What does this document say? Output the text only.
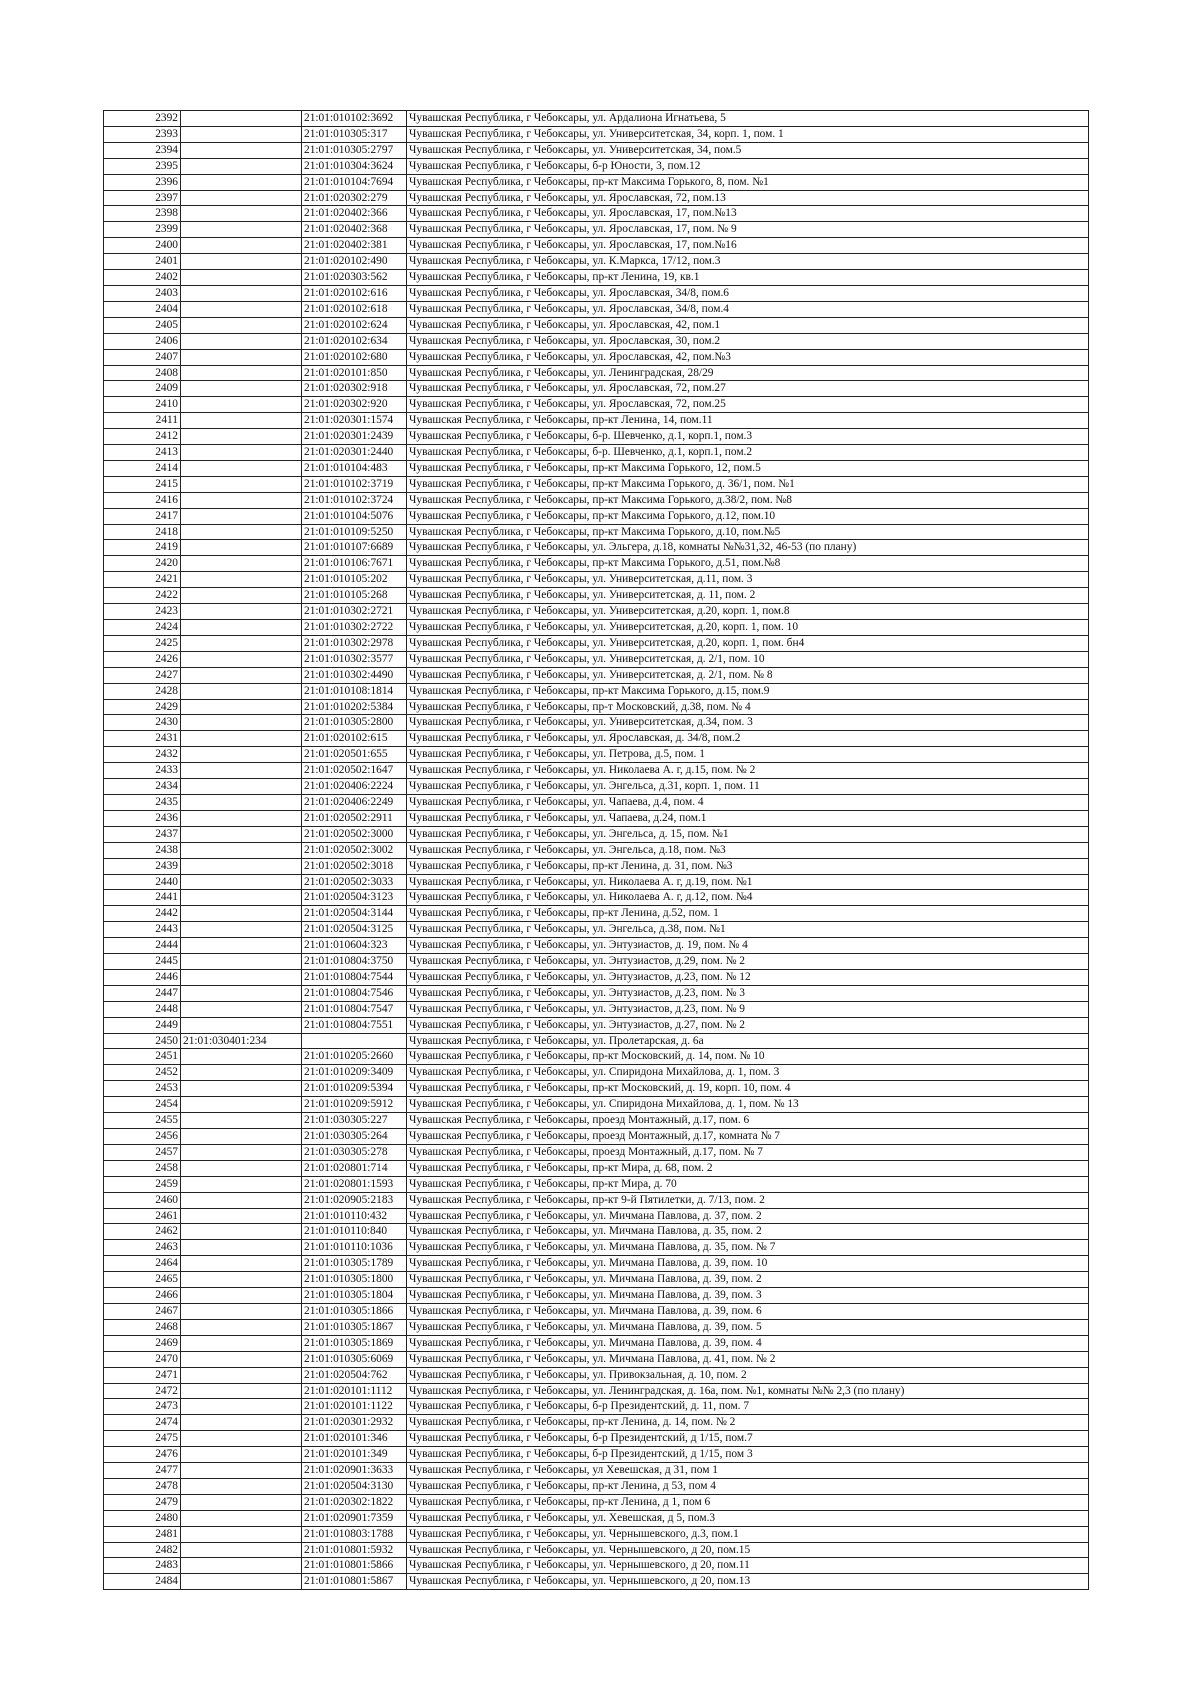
2392		21:01:010102:3692	Чувашская Республика, г Чебоксары, ул. Ардалиона Игнатьева, 5
2393		21:01:010305:317	Чувашская Республика, г Чебоксары, ул. Университетская, 34, корп. 1, пом. 1
2394		21:01:010305:2797	Чувашская Республика, г Чебоксары, ул. Университетская, 34, пом.5
2395		21:01:010304:3624	Чувашская Республика, г Чебоксары, б-р Юности, 3, пом.12
2396		21:01:010104:7694	Чувашская Республика, г Чебоксары, пр-кт Максима Горького, 8, пом. №1
2397		21:01:020302:279	Чувашская Республика, г Чебоксары, ул. Ярославская, 72, пом.13
2398		21:01:020402:366	Чувашская Республика, г Чебоксары, ул. Ярославская, 17, пом.№13
2399		21:01:020402:368	Чувашская Республика, г Чебоксары, ул. Ярославская, 17, пом. № 9
2400		21:01:020402:381	Чувашская Республика, г Чебоксары, ул. Ярославская, 17, пом.№16
2401		21:01:020102:490	Чувашская Республика, г Чебоксары, ул. К.Маркса, 17/12, пом.3
2402		21:01:020303:562	Чувашская Республика, г Чебоксары, пр-кт Ленина, 19, кв.1
2403		21:01:020102:616	Чувашская Республика, г Чебоксары, ул. Ярославская, 34/8, пом.6
2404		21:01:020102:618	Чувашская Республика, г Чебоксары, ул. Ярославская, 34/8, пом.4
2405		21:01:020102:624	Чувашская Республика, г Чебоксары, ул. Ярославская, 42, пом.1
2406		21:01:020102:634	Чувашская Республика, г Чебоксары, ул. Ярославская, 30, пом.2
2407		21:01:020102:680	Чувашская Республика, г Чебоксары, ул. Ярославская, 42, пом.№3
2408		21:01:020101:850	Чувашская Республика, г Чебоксары, ул. Ленинградская, 28/29
2409		21:01:020302:918	Чувашская Республика, г Чебоксары, ул. Ярославская, 72, пом.27
2410		21:01:020302:920	Чувашская Республика, г Чебоксары, ул. Ярославская, 72, пом.25
2411		21:01:020301:1574	Чувашская Республика, г Чебоксары, пр-кт Ленина, 14, пом.11
2412		21:01:020301:2439	Чувашская Республика, г Чебоксары, б-р. Шевченко, д.1, корп.1, пом.3
2413		21:01:020301:2440	Чувашская Республика, г Чебоксары, б-р. Шевченко, д.1, корп.1, пом.2
2414		21:01:010104:483	Чувашская Республика, г Чебоксары, пр-кт Максима Горького, 12, пом.5
2415		21:01:010102:3719	Чувашская Республика, г Чебоксары, пр-кт Максима Горького, д. 36/1, пом. №1
2416		21:01:010102:3724	Чувашская Республика, г Чебоксары, пр-кт Максима Горького, д.38/2, пом. №8
2417		21:01:010104:5076	Чувашская Республика, г Чебоксары, пр-кт Максима Горького, д.12, пом.10
2418		21:01:010109:5250	Чувашская Республика, г Чебоксары, пр-кт Максима Горького, д.10, пом.№5
2419		21:01:010107:6689	Чувашская Республика, г Чебоксары, ул. Эльгера, д.18, комнаты №№31,32, 46-53 (по плану)
2420		21:01:010106:7671	Чувашская Республика, г Чебоксары, пр-кт Максима Горького, д.51, пом.№8
2421		21:01:010105:202	Чувашская Республика, г Чебоксары, ул. Университетская, д.11, пом. 3
2422		21:01:010105:268	Чувашская Республика, г Чебоксары, ул. Университетская, д. 11, пом. 2
2423		21:01:010302:2721	Чувашская Республика, г Чебоксары, ул. Университетская, д.20, корп. 1, пом.8
2424		21:01:010302:2722	Чувашская Республика, г Чебоксары, ул. Университетская, д.20, корп. 1, пом. 10
2425		21:01:010302:2978	Чувашская Республика, г Чебоксары, ул. Университетская, д.20, корп. 1, пом. бн4
2426		21:01:010302:3577	Чувашская Республика, г Чебоксары, ул. Университетская, д. 2/1, пом. 10
2427		21:01:010302:4490	Чувашская Республика, г Чебоксары, ул. Университетская, д. 2/1, пом. № 8
2428		21:01:010108:1814	Чувашская Республика, г Чебоксары, пр-кт Максима Горького, д.15, пом.9
2429		21:01:010202:5384	Чувашская Республика, г Чебоксары, пр-т Московский, д.38, пом. № 4
2430		21:01:010305:2800	Чувашская Республика, г Чебоксары, ул. Университетская, д.34, пом. 3
2431		21:01:020102:615	Чувашская Республика, г Чебоксары, ул. Ярославская, д. 34/8, пом.2
2432		21:01:020501:655	Чувашская Республика, г Чебоксары, ул. Петрова, д.5, пом. 1
2433		21:01:020502:1647	Чувашская Республика, г Чебоксары, ул. Николаева А. г, д.15, пом. № 2
2434		21:01:020406:2224	Чувашская Республика, г Чебоксары, ул. Энгельса, д.31, корп. 1, пом. 11
2435		21:01:020406:2249	Чувашская Республика, г Чебоксары, ул. Чапаева, д.4, пом. 4
2436		21:01:020502:2911	Чувашская Республика, г Чебоксары, ул. Чапаева, д.24, пом.1
2437		21:01:020502:3000	Чувашская Республика, г Чебоксары, ул. Энгельса, д. 15, пом. №1
2438		21:01:020502:3002	Чувашская Республика, г Чебоксары, ул. Энгельса, д.18, пом. №3
2439		21:01:020502:3018	Чувашская Республика, г Чебоксары, пр-кт Ленина, д. 31, пом. №3
2440		21:01:020502:3033	Чувашская Республика, г Чебоксары, ул. Николаева А. г, д.19, пом. №1
2441		21:01:020504:3123	Чувашская Республика, г Чебоксары, ул. Николаева А. г, д.12, пом. №4
2442		21:01:020504:3144	Чувашская Республика, г Чебоксары, пр-кт Ленина, д.52, пом. 1
2443		21:01:020504:3125	Чувашская Республика, г Чебоксары, ул. Энгельса, д.38, пом. №1
2444		21:01:010604:323	Чувашская Республика, г Чебоксары, ул. Энтузиастов, д. 19, пом. № 4
2445		21:01:010804:3750	Чувашская Республика, г Чебоксары, ул. Энтузиастов, д.29, пом. № 2
2446		21:01:010804:7544	Чувашская Республика, г Чебоксары, ул. Энтузиастов, д.23, пом. № 12
2447		21:01:010804:7546	Чувашская Республика, г Чебоксары, ул. Энтузиастов, д.23, пом. № 3
2448		21:01:010804:7547	Чувашская Республика, г Чебоксары, ул. Энтузиастов, д.23, пом. № 9
2449		21:01:010804:7551	Чувашская Республика, г Чебоксары, ул. Энтузиастов, д.27, пом. № 2
2450	21:01:030401:234		Чувашская Республика, г Чебоксары, ул. Пролетарская, д. 6а
2451		21:01:010205:2660	Чувашская Республика, г Чебоксары, пр-кт Московский, д. 14, пом. № 10
2452		21:01:010209:3409	Чувашская Республика, г Чебоксары, ул. Спиридона Михайлова, д. 1, пом. 3
2453		21:01:010209:5394	Чувашская Республика, г Чебоксары, пр-кт Московский, д. 19, корп. 10, пом. 4
2454		21:01:010209:5912	Чувашская Республика, г Чебоксары, ул. Спиридона Михайлова, д. 1, пом. № 13
2455		21:01:030305:227	Чувашская Республика, г Чебоксары, проезд Монтажный, д.17, пом. 6
2456		21:01:030305:264	Чувашская Республика, г Чебоксары, проезд Монтажный, д.17, комната № 7
2457		21:01:030305:278	Чувашская Республика, г Чебоксары, проезд Монтажный, д.17, пом. № 7
2458		21:01:020801:714	Чувашская Республика, г Чебоксары, пр-кт Мира, д. 68, пом. 2
2459		21:01:020801:1593	Чувашская Республика, г Чебоксары, пр-кт Мира, д. 70
2460		21:01:020905:2183	Чувашская Республика, г Чебоксары, пр-кт 9-й Пятилетки, д. 7/13, пом. 2
2461		21:01:010110:432	Чувашская Республика, г Чебоксары, ул. Мичмана Павлова, д. 37, пом. 2
2462		21:01:010110:840	Чувашская Республика, г Чебоксары, ул. Мичмана Павлова, д. 35, пом. 2
2463		21:01:010110:1036	Чувашская Республика, г Чебоксары, ул. Мичмана Павлова, д. 35, пом. № 7
2464		21:01:010305:1789	Чувашская Республика, г Чебоксары, ул. Мичмана Павлова, д. 39, пом. 10
2465		21:01:010305:1800	Чувашская Республика, г Чебоксары, ул. Мичмана Павлова, д. 39, пом. 2
2466		21:01:010305:1804	Чувашская Республика, г Чебоксары, ул. Мичмана Павлова, д. 39, пом. 3
2467		21:01:010305:1866	Чувашская Республика, г Чебоксары, ул. Мичмана Павлова, д. 39, пом. 6
2468		21:01:010305:1867	Чувашская Республика, г Чебоксары, ул. Мичмана Павлова, д. 39, пом. 5
2469		21:01:010305:1869	Чувашская Республика, г Чебоксары, ул. Мичмана Павлова, д. 39, пом. 4
2470		21:01:010305:6069	Чувашская Республика, г Чебоксары, ул. Мичмана Павлова, д. 41, пом. № 2
2471		21:01:020504:762	Чувашская Республика, г Чебоксары, ул. Привокзальная, д. 10, пом. 2
2472		21:01:020101:1112	Чувашская Республика, г Чебоксары, ул. Ленинградская, д. 16а, пом. №1, комнаты №№ 2,3 (по плану)
2473		21:01:020101:1122	Чувашская Республика, г Чебоксары, б-р Президентский, д. 11, пом. 7
2474		21:01:020301:2932	Чувашская Республика, г Чебоксары, пр-кт Ленина, д. 14, пом. № 2
2475		21:01:020101:346	Чувашская Республика, г Чебоксары, б-р Президентский, д 1/15, пом.7
2476		21:01:020101:349	Чувашская Республика, г Чебоксары, б-р Президентский, д 1/15, пом 3
2477		21:01:020901:3633	Чувашская Республика, г Чебоксары, ул Хевешская, д 31, пом 1
2478		21:01:020504:3130	Чувашская Республика, г Чебоксары, пр-кт Ленина, д 53, пом 4
2479		21:01:020302:1822	Чувашская Республика, г Чебоксары, пр-кт Ленина, д 1, пом 6
2480		21:01:020901:7359	Чувашская Республика, г Чебоксары, ул. Хевешская, д 5, пом.3
2481		21:01:010803:1788	Чувашская Республика, г Чебоксары, ул. Чернышевского, д.3, пом.1
2482		21:01:010801:5932	Чувашская Республика, г Чебоксары, ул. Чернышевского, д 20, пом.15
2483		21:01:010801:5866	Чувашская Республика, г Чебоксары, ул. Чернышевского, д 20, пом.11
2484		21:01:010801:5867	Чувашская Республика, г Чебоксары, ул. Чернышевского, д 20, пом.13
